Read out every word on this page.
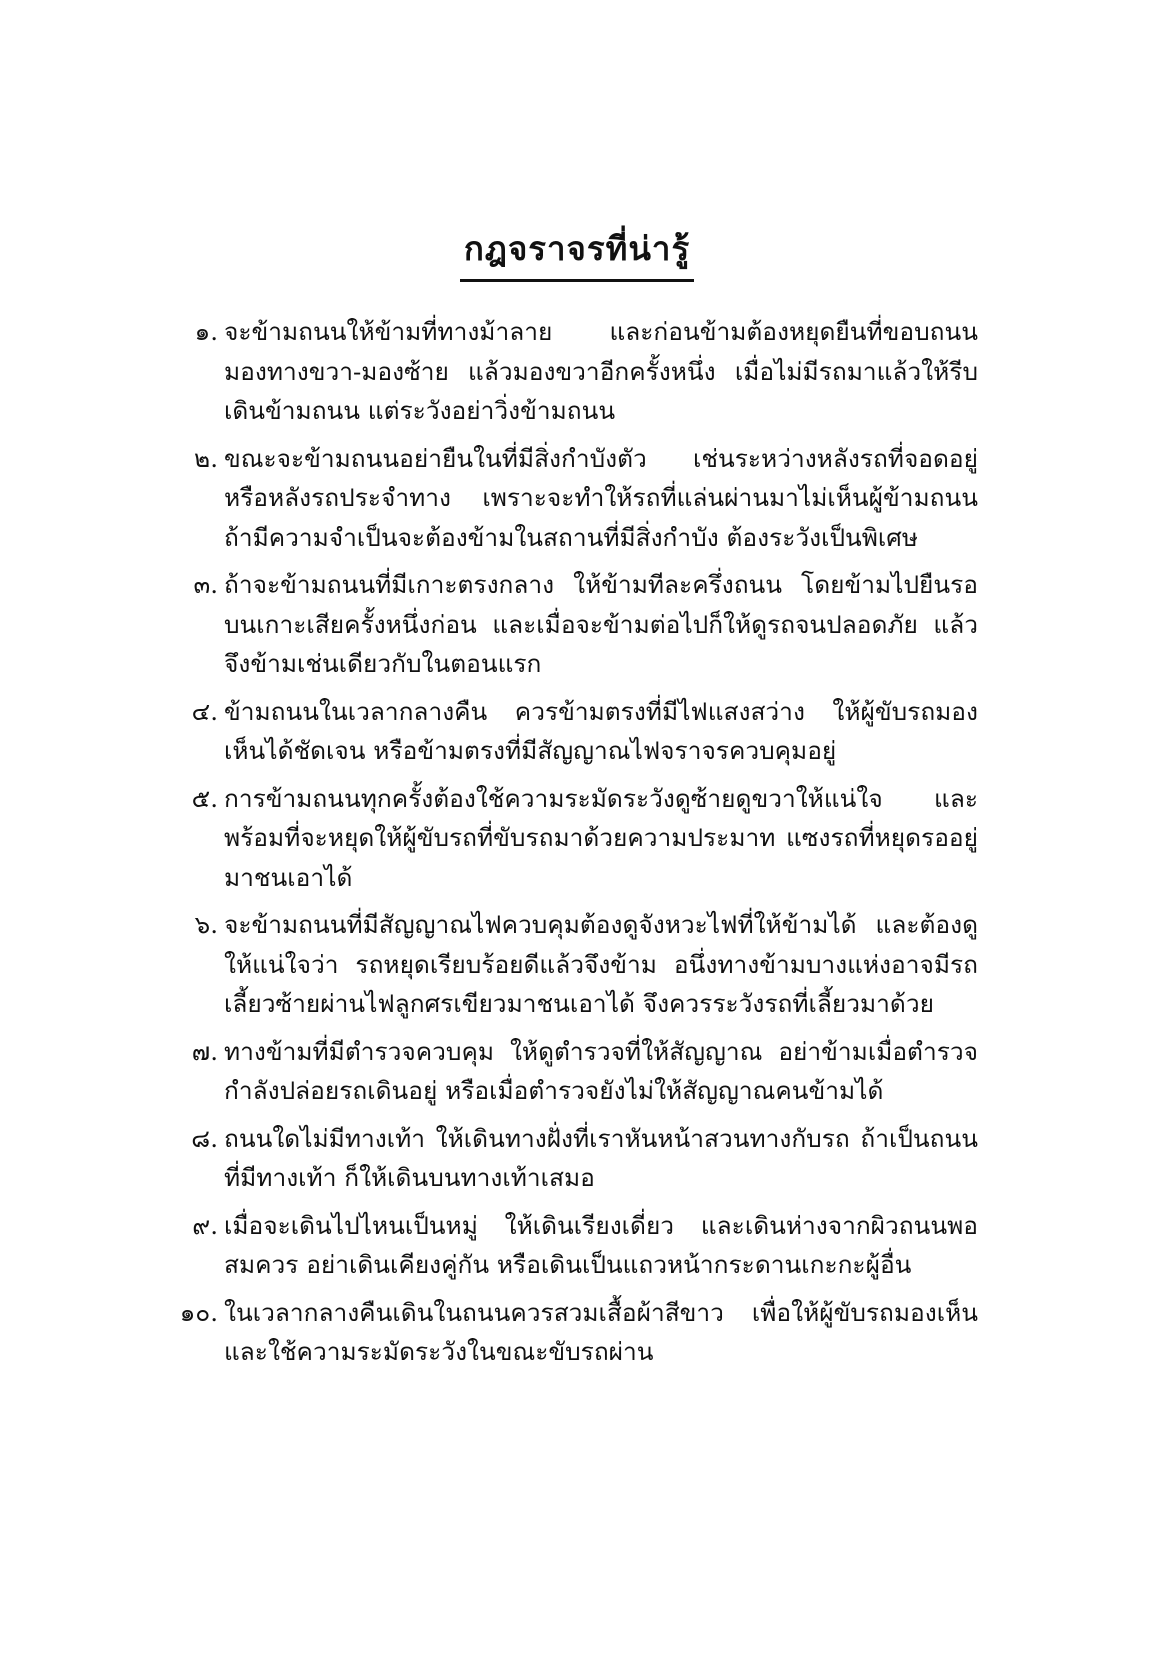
กฎจราจรที่น่ารู้
๑. จะข้ามถนนให้ข้ามที่ทางม้าลาย และก่อนข้ามต้องหยุดยืนที่ขอบถนน มองทางขวา-มองซ้าย แล้วมองขวาอีกครั้งหนึ่ง เมื่อไม่มีรถมาแล้วให้รีบเดินข้ามถนน แต่ระวังอย่าวิ่งข้ามถนน
๒. ขณะจะข้ามถนนอย่ายืนในที่มีสิ่งกำบังตัว เช่นระหว่างหลังรถที่จอดอยู่ หรือหลังรถประจำทาง เพราะจะทำให้รถที่แล่นผ่านมาไม่เห็นผู้ข้ามถนน ถ้ามีความจำเป็นจะต้องข้ามในสถานที่มีสิ่งกำบัง ต้องระวังเป็นพิเศษ
๓. ถ้าจะข้ามถนนที่มีเกาะตรงกลาง ให้ข้ามทีละครึ่งถนน โดยข้ามไปยืนรอบนเกาะเสียครั้งหนึ่งก่อน และเมื่อจะข้ามต่อไปก็ให้ดูรถจนปลอดภัย แล้วจึงข้ามเช่นเดียวกับในตอนแรก
๔. ข้ามถนนในเวลากลางคืน ควรข้ามตรงที่มีไฟแสงสว่าง ให้ผู้ขับรถมองเห็นได้ชัดเจน หรือข้ามตรงที่มีสัญญาณไฟจราจรควบคุมอยู่
๕. การข้ามถนนทุกครั้งต้องใช้ความระมัดระวังดูซ้ายดูขวาให้แน่ใจ และพร้อมที่จะหยุดให้ผู้ขับรถที่ขับรถมาด้วยความประมาท แซงรถที่หยุดรออยู่มาชนเอาได้
๖. จะข้ามถนนที่มีสัญญาณไฟควบคุมต้องดูจังหวะไฟที่ให้ข้ามได้ และต้องดูให้แน่ใจว่า รถหยุดเรียบร้อยดีแล้วจึงข้าม อนึ่งทางข้ามบางแห่งอาจมีรถเลี้ยวซ้ายผ่านไฟลูกศรเขียวมาชนเอาได้ จึงควรระวังรถที่เลี้ยวมาด้วย
๗. ทางข้ามที่มีตำรวจควบคุม ให้ดูตำรวจที่ให้สัญญาณ อย่าข้ามเมื่อตำรวจกำลังปล่อยรถเดินอยู่ หรือเมื่อตำรวจยังไม่ให้สัญญาณคนข้ามได้
๘. ถนนใดไม่มีทางเท้า ให้เดินทางฝั่งที่เราหันหน้าสวนทางกับรถ ถ้าเป็นถนนที่มีทางเท้า ก็ให้เดินบนทางเท้าเสมอ
๙. เมื่อจะเดินไปไหนเป็นหมู่ ให้เดินเรียงเดี่ยว และเดินห่างจากผิวถนนพอสมควร อย่าเดินเคียงคู่กัน หรือเดินเป็นแถวหน้ากระดานเกะกะผู้อื่น
๑๐. ในเวลากลางคืนเดินในถนนควรสวมเสื้อผ้าสีขาว เพื่อให้ผู้ขับรถมองเห็นและใช้ความระมัดระวังในขณะขับรถผ่าน
